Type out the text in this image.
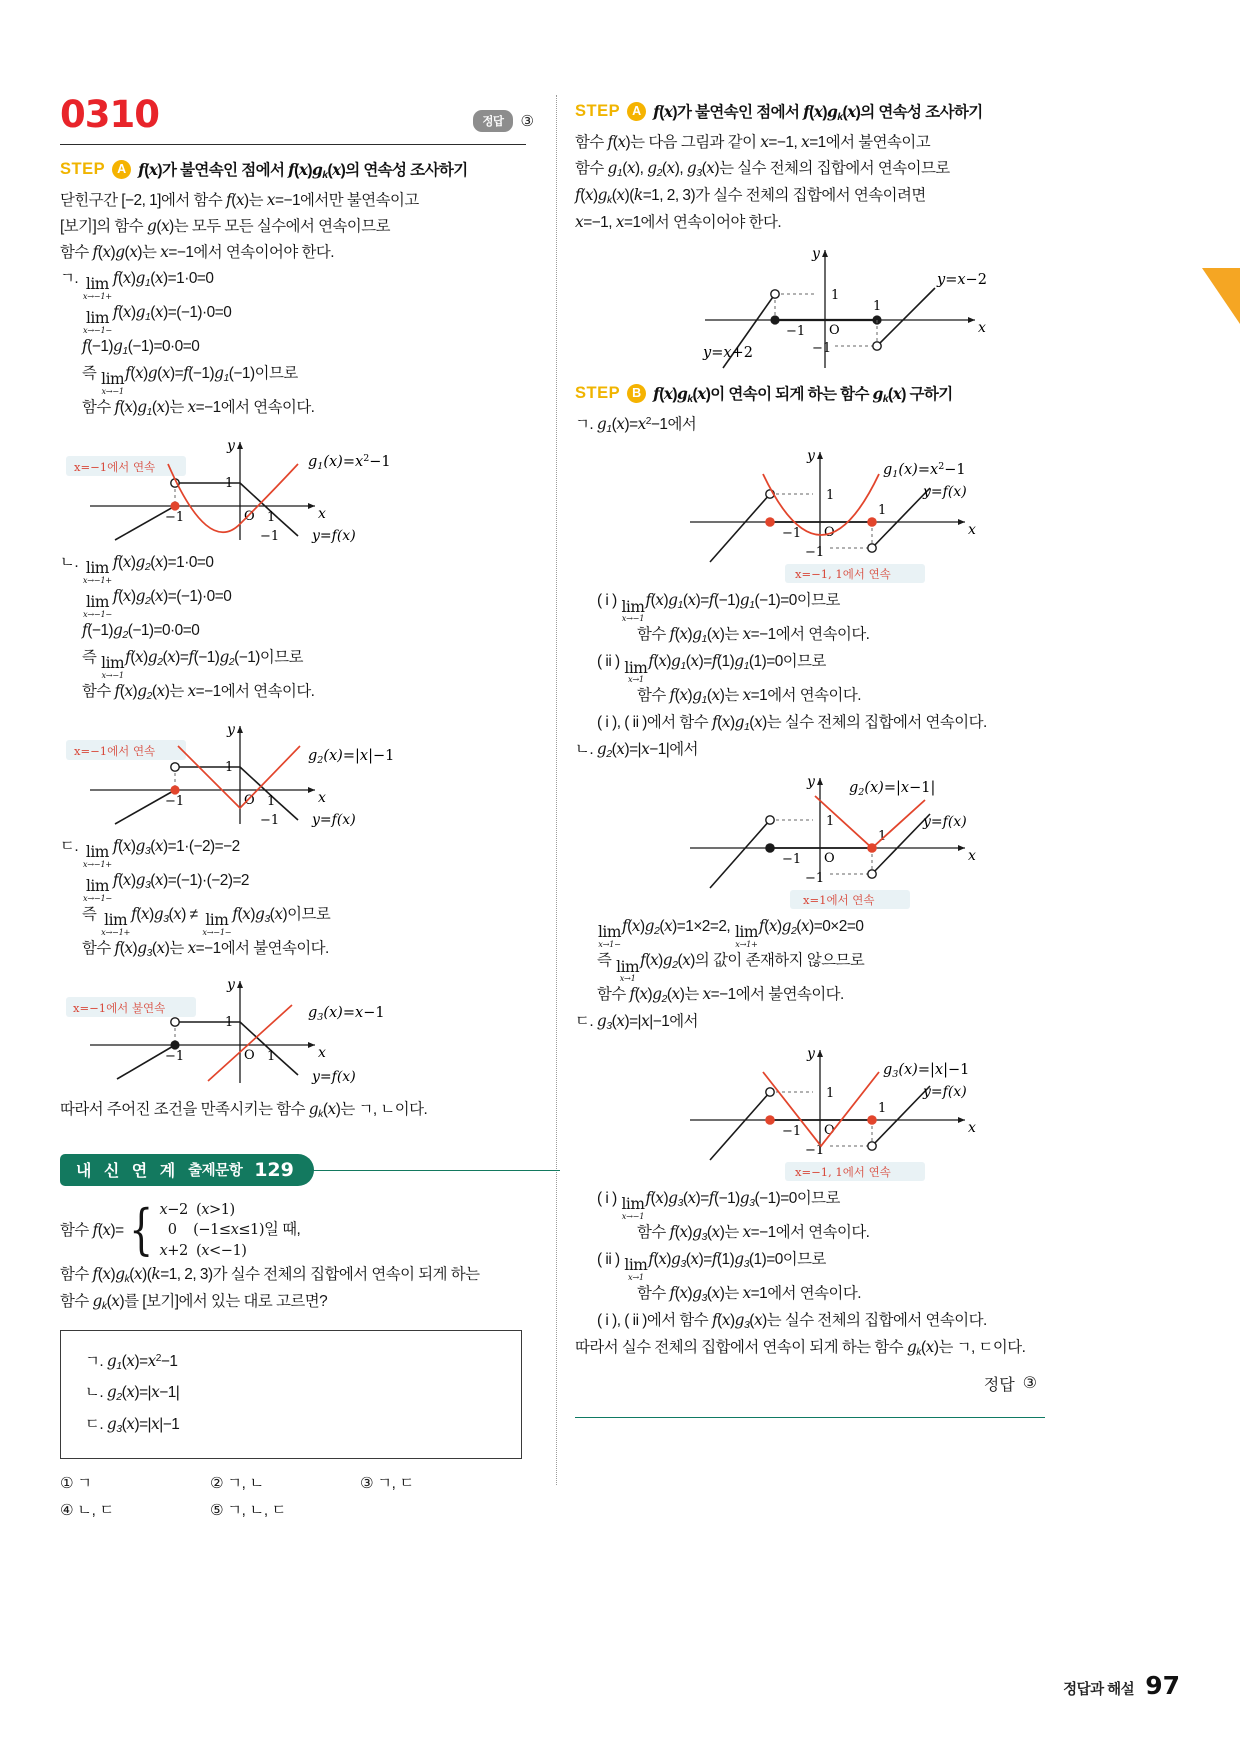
0310	정답	③
STEP A f(x)가 불연속인 점에서 $f(x)g_k(x)$의 연속성 조사하기

닫힌구간 [−2, 1]에서 함수 f(x)는 x=−1에서만 불연속이고

[보기]의 함수 g(x)는 모두 모든 실수에서 연속이므로

함수 f(x)g(x)는 x=−1에서 연속이어야 한다.

ㄱ. lim
x→−1+
$f(x)g_1(x)=1\cdot 0=0$

lim
x→−1−
$f(x)g_1(x)=(-1)\cdot 0=0$

$f(-1)g_1(-1)=0\cdot 0=0$

즉 lim
x→−1
$f(x)g(x)=f(-1)g_1(-1)$이므로

함수 $f(x)g_1(x)$는 x=−1에서 연속이다.

x=−1에서 연속
y
x
O
1
−1	1
−1
$g_1(x)=x^2-1$
y=f(x)

ㄴ. lim
x→−1+
$f(x)g_2(x)=1\cdot 0=0$

lim
x→−1−
$f(x)g_2(x)=(-1)\cdot 0=0$

$f(-1)g_2(-1)=0\cdot 0=0$

즉 lim
x→−1
$f(x)g_2(x)=f(-1)g_2(-1)$이므로

함수 $f(x)g_2(x)$는 x=−1에서 연속이다.

x=−1에서 연속
y
x
O
1
−1	1
−1
$g_2(x)=|x|-1$
y=f(x)

ㄷ. lim
x→−1+
$f(x)g_3(x)=1\cdot(-2)=-2$

lim
x→−1−
$f(x)g_3(x)=(-1)\cdot(-2)=2$

즉 lim
x→−1+
$f(x)g_3(x) \ne \lim$
x→−1−
$f(x)g_3(x)$이므로

함수 $f(x)g_3(x)$는 x=−1에서 불연속이다.

x=−1에서 불연속
y
x
O
1
−1	1
$g_3(x)=x-1$
y=f(x)

따라서 주어진 조건을 만족시키는 함수 $g_k(x)$는 ㄱ, ㄴ이다.

내 신 연 계 출제문항 129
함수 f(x)= { x−2  (x>1)
0    (−1≤x≤1)
x+2  (x<−1)
일 때,

함수 $f(x)g_k(x)(k=1$, 2, 3)가 실수 전체의 집합에서 연속이 되게 하는

함수 $g_k(x)$를 [보기]에서 있는 대로 고르면?

ㄱ. $g_1(x)=x^2-1$

ㄴ. $g_2(x)=|x-1|$

ㄷ. $g_3(x)=|x|-1$

① ㄱ	② ㄱ, ㄴ	③ ㄱ, ㄷ
④ ㄴ, ㄷ	⑤ ㄱ, ㄴ, ㄷ
STEP A f(x)가 불연속인 점에서 $f(x)g_k(x)$의 연속성 조사하기

함수 f(x)는 다음 그림과 같이 x=−1, x=1에서 불연속이고

함수 $g_1(x)$, $g_2(x)$, $g_3(x)$는 실수 전체의 집합에서 연속이므로

$f(x)g_k(x)(k=1$, 2, 3)가 실수 전체의 집합에서 연속이려면

x=−1, x=1에서 연속이어야 한다.

y
x
O
1
1
−1
−1
y=x−2
y=x+2
STEP B $f(x)g_k(x)$이 연속이 되게 하는 함수 $g_k(x)$ 구하기

ㄱ. $g_1(x)=x^2-1$에서

y
x
O
1
1
−1
−1
$g_1(x)=x^2-1$
y=f(x)
x=−1, 1에서 연속

( i ) lim
x→−1
$f(x)g_1(x)=f(-1)g_1(-1)=0$이므로

함수 $f(x)g_1(x)$는 x=−1에서 연속이다.

( ii ) lim
x→1
$f(x)g_1(x)=f(1)g_1(1)=0$이므로

함수 $f(x)g_1(x)$는 x=1에서 연속이다.

( i ), ( ii )에서 함수 $f(x)g_1(x)$는 실수 전체의 집합에서 연속이다.

ㄴ. $g_2(x)=|x-1|$에서

y
x
O
1
1
−1
−1
$g_2(x)=|x-1|$
y=f(x)
x=1에서 연속

lim
x→1−
$f(x)g_2(x)=1\times 2=2$, lim
x→1+
$f(x)g_2(x)=0\times 2=0$

즉 lim
x→1
$f(x)g_2(x)$의 값이 존재하지 않으므로

함수 $f(x)g_2(x)$는 x=−1에서 불연속이다.

ㄷ. $g_3(x)=|x|-1$에서

y
x
O
1
1
−1
−1
$g_3(x)=|x|-1$
y=f(x)
x=−1, 1에서 연속

( i ) lim
x→−1
$f(x)g_3(x)=f(-1)g_3(-1)=0$이므로

함수 $f(x)g_3(x)$는 x=−1에서 연속이다.

( ii ) lim
x→1
$f(x)g_3(x)=f(1)g_3(1)=0$이므로

함수 $f(x)g_3(x)$는 x=1에서 연속이다.

( i ), ( ii )에서 함수 $f(x)g_3(x)$는 실수 전체의 집합에서 연속이다.

따라서 실수 전체의 집합에서 연속이 되게 하는 함수 $g_k(x)$는 ㄱ, ㄷ이다.

정답 ③
정답과 해설 97
